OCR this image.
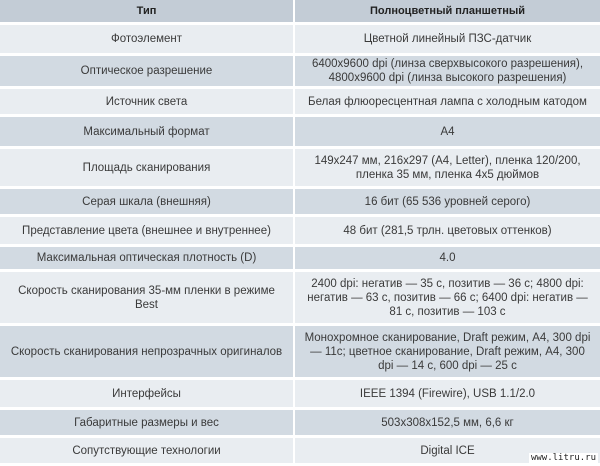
Тип	Полноцветный планшетный
Фотоэлемент	Цветной линейный ПЗС-датчик
Оптическое разрешение	6400x9600 dpi (линза сверхвысокого разрешения), 4800x9600 dpi (линза высокого разрешения)
Источник света	Белая флюоресцентная лампа с холодным катодом
Максимальный формат	A4
Площадь сканирования	149x247 мм, 216x297 (A4, Letter), пленка 120/200, пленка 35 мм, пленка 4x5 дюймов
Серая шкала (внешняя)	16 бит (65 536 уровней серого)
Представление цвета (внешнее и внутреннее)	48 бит (281,5 трлн. цветовых оттенков)
Максимальная оптическая плотность (D)	4.0
Скорость сканирования 35-мм пленки в режиме Best	2400 dpi: негатив — 35 с, позитив — 36 с; 4800 dpi: негатив — 63 с, позитив — 66 с; 6400 dpi: негатив — 81 с, позитив — 103 с
Скорость сканирования непрозрачных оригиналов	Монохромное сканирование, Draft режим, A4, 300 dpi — 11с; цветное сканирование, Draft режим, A4, 300 dpi — 14 с, 600 dpi — 25 с
Интерфейсы	IEEE 1394 (Firewire), USB 1.1/2.0
Габаритные размеры и вес	503x308x152,5 мм, 6,6 кг
Сопутствующие технологии	Digital ICE
www.litru.ru
